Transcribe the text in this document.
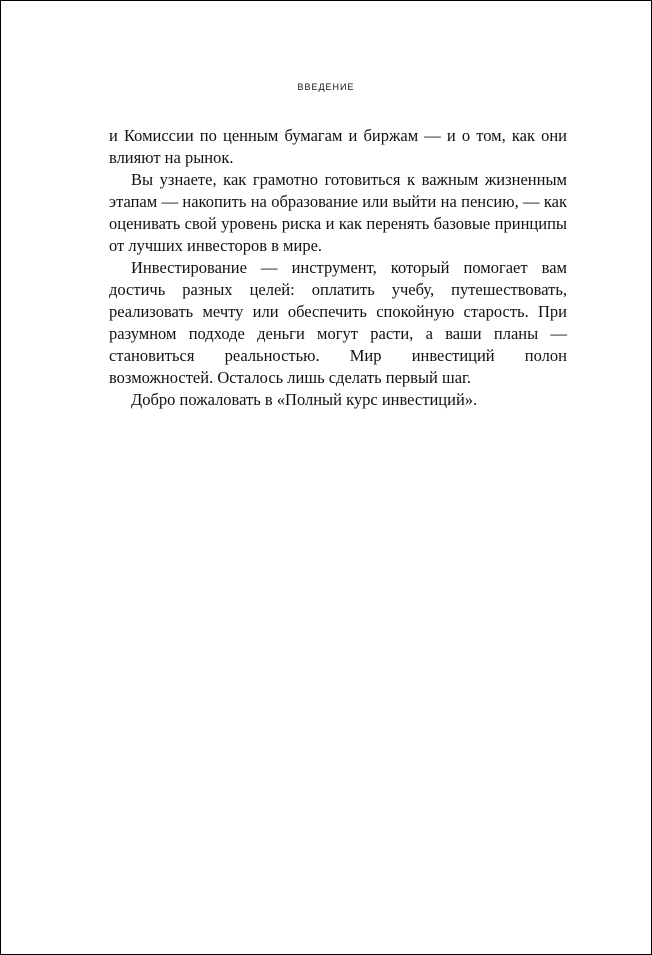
ВВЕДЕНИЕ

и Комиссии по ценным бумагам и биржам — и о том, как они влияют на рынок.

Вы узнаете, как грамотно готовиться к важным жизненным этапам — накопить на образование или выйти на пенсию, — как оценивать свой уровень риска и как перенять базовые принципы от лучших инвесторов в мире.

Инвестирование — инструмент, который помогает вам достичь разных целей: оплатить учебу, путешествовать, реализовать мечту или обеспечить спокойную старость. При разумном подходе деньги могут расти, а ваши планы — становиться реальностью. Мир инвестиций полон возможностей. Осталось лишь сделать первый шаг.

Добро пожаловать в «Полный курс инвестиций».
